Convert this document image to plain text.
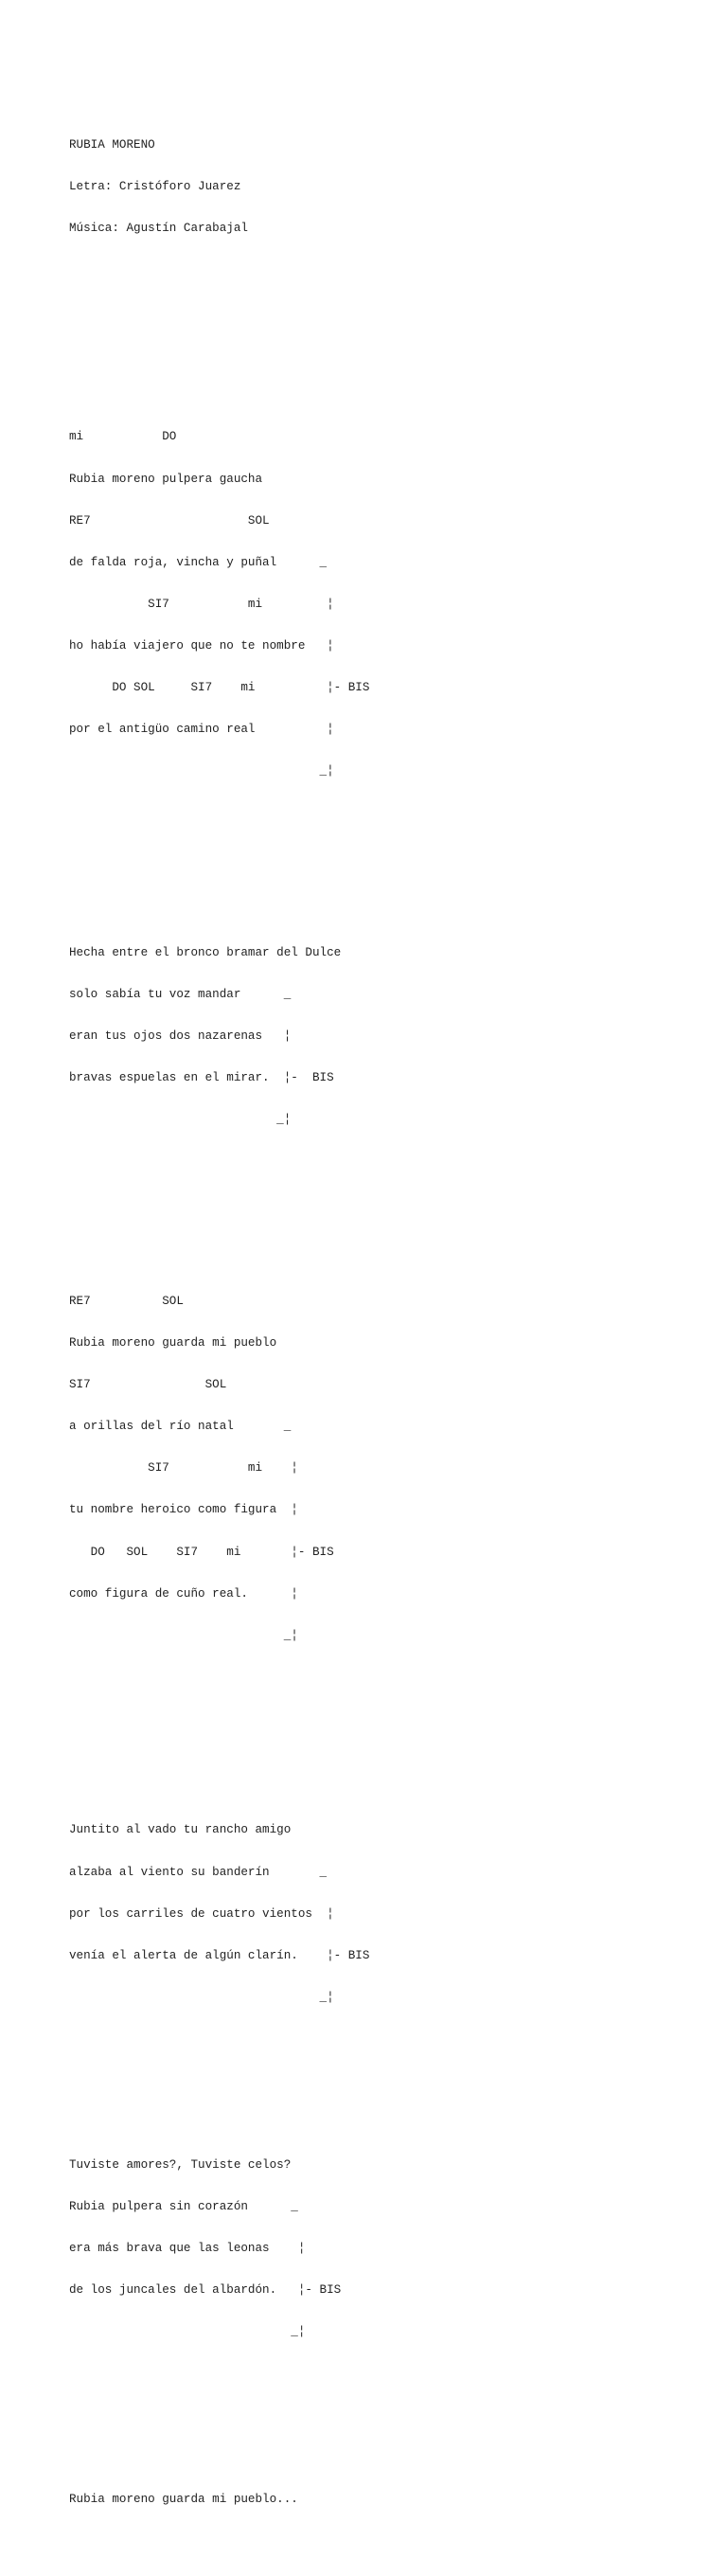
RUBIA MORENO

Letra: Cristóforo Juarez

Música: Agustín Carabajal

mi           DO

Rubia moreno pulpera gaucha

RE7                      SOL

de falda roja, vincha y puñal      _

SI7           mi         ¦

ho había viajero que no te nombre   ¦

DO SOL     SI7    mi          ¦- BIS

por el antigüo camino real          ¦

_¦

Hecha entre el bronco bramar del Dulce

solo sabía tu voz mandar      _

eran tus ojos dos nazarenas   ¦

bravas espuelas en el mirar.  ¦-  BIS

_¦

RE7          SOL

Rubia moreno guarda mi pueblo

SI7                SOL

a orillas del río natal       _

SI7           mi    ¦

tu nombre heroico como figura  ¦

DO   SOL    SI7    mi       ¦- BIS

como figura de cuño real.      ¦

_¦

Juntito al vado tu rancho amigo

alzaba al viento su banderín       _

por los carriles de cuatro vientos  ¦

venía el alerta de algún clarín.    ¦- BIS

_¦

Tuviste amores?, Tuviste celos?

Rubia pulpera sin corazón      _

era más brava que las leonas    ¦

de los juncales del albardón.   ¦- BIS

_¦

Rubia moreno guarda mi pueblo...
